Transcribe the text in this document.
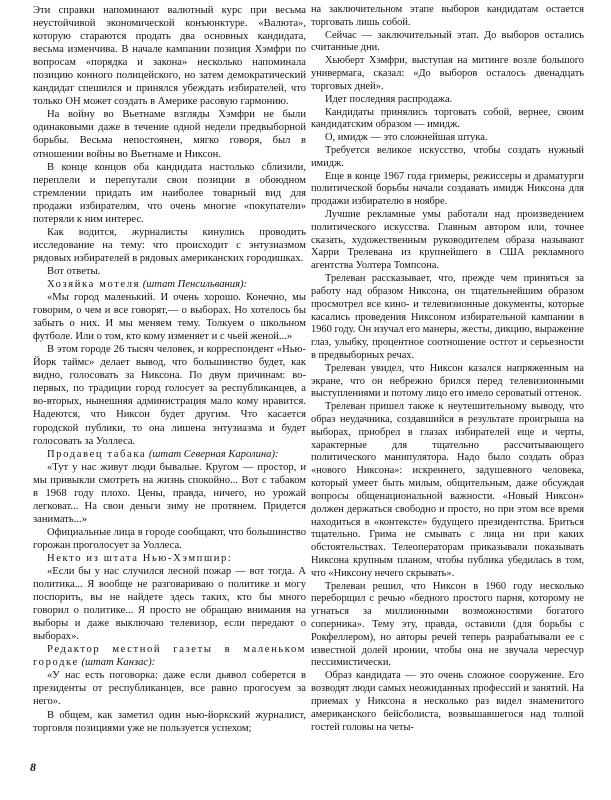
Эти справки напоминают валютный курс при весьма неустойчивой экономической конъюнктуре. «Валюта», которую стараются продать два основных кандидата, весьма изменчива. В начале кампании позиция Хэмфри по вопросам «порядка и закона» несколько напоминала позицию конного полицейского, но затем демократический кандидат спешился и принялся убеждать избирателей, что только ОН может создать в Америке расовую гармонию.

На войну во Вьетнаме взгляды Хэмфри не были одинаковыми даже в течение одной недели предвыборной борьбы. Весьма непостоянен, мягко говоря, был в отношении войны во Вьетнаме и Никсон.

В конце концов оба кандидата настолько сблизили, переплели и перепутали свои позиции в обоюдном стремлении придать им наиболее товарный вид для продажи избирателям, что очень многие «покупатели» потеряли к ним интерес.

Как водится, журналисты кинулись проводить исследование на тему: что происходит с энтузиазмом рядовых избирателей в рядовых американских городишках.

Вот ответы.

Хозяйка мотеля (штат Пенсильвания):

«Мы город маленький. И очень хорошо. Конечно, мы говорим, о чем и все говорят,— о выборах. Но хотелось бы забыть о них. И мы меняем тему. Толкуем о школьном футболе. Или о том, кто кому изменяет и с чьей женой...»

В этом городе 26 тысяч человек, и корреспондент «Нью-Йорк таймс» делает вывод, что большинство будет, как видно, голосовать за Никсона. По двум причинам: во-первых, по традиции город голосует за республиканцев, а во-вторых, нынешняя администрация мало кому нравится. Надеются, что Никсон будет другим. Что касается городской публики, то она лишена энтузиазма и будет голосовать за Уоллеса.

Продавец табака (штат Северная Каролина):

«Тут у нас живут люди бывалые. Кругом — простор, и мы привыкли смотреть на жизнь спокойно... Вот с табаком в 1968 году плохо. Цены, правда, ничего, но урожай легковат... На свои деньги зиму не протянем. Придется занимать...»

Официальные лица в городе сообщают, что большинство горожан проголосует за Уоллеса.

Некто из штата Нью-Хэмпшир:

«Если бы у нас случился лесной пожар — вот тогда. А политика... Я вообще не разговариваю о политике и могу поспорить, вы не найдете здесь таких, кто бы много говорил о политике... Я просто не обращаю внимания на выборы и даже выключаю телевизор, если передают о выборах».

Редактор местной газеты в маленьком городке (штат Канзас):

«У нас есть поговорка: даже если дьявол соберется в президенты от республиканцев, все равно прогосуем за него».

В общем, как заметил один нью-йоркский журналист, торговля позициями уже не пользуется успехом;

на заключительном этапе выборов кандидатам остается торговать лишь собой.

Сейчас — заключительный этап. До выборов остались считанные дни.

Хьюберт Хэмфри, выступая на митинге возле большого универмага, сказал: «До выборов осталось двенадцать торговых дней».

Идет последняя распродажа.

Кандидаты принялись торговать собой, вернее, своим кандидатским образом — имидж.

О, имидж — это сложнейшая штука.

Требуется великое искусство, чтобы создать нужный имидж.

Еще в конце 1967 года гримеры, режиссеры и драматурги политической борьбы начали создавать имидж Никсона для продажи избирателю в ноябре.

Лучшие рекламные умы работали над произведением политического искусства. Главным автором или, точнее сказать, художественным руководителем образа называют Харри Трелевана из крупнейшего в США рекламного агентства Уолтера Томпсона.

Трелеван рассказывает, что, прежде чем приняться за работу над образом Никсона, он тщательнейшим образом просмотрел все кино- и телевизионные документы, которые касались проведения Никсоном избирательной кампании в 1960 году. Он изучал его манеры, жесты, дикцию, выражение глаз, улыбку, процентное соотношение остгот и серьезности в предвыборных речах.

Трелеван увидел, что Никсон казался напряженным на экране, что он небрежно брился перед телевизионными выступлениями и потому лицо его имело сероватый оттенок.

Трелеван пришел также к неутешительному выводу, что образ неудачника, создавшийся в результате проигрыша на выборах, приобрел в глазах избирателей еще и черты, характерные для тщательно рассчитывающего политического манипулятора. Надо было создать образ «нового Никсона»: искреннего, задушевного человека, который умеет быть милым, общительным, даже обсуждая вопросы общенациональной важности. «Новый Никсон» должен держаться свободно и просто, но при этом все время находиться в «контексте» будущего президентства. Бриться тщательно. Грима не смывать с лица ни при каких обстоятельствах. Телеоператорам приказывали показывать Никсона крупным планом, чтобы публика убедилась в том, что «Никсону нечего скрывать».

Трелеван решил, что Никсон в 1960 году несколько переборщил с речью «бедного простого парня, которому не угнаться за миллионными возможностями богатого соперника». Тему эту, правда, оставили (для борьбы с Рокфеллером), но авторы речей теперь разрабатывали ее с известной долей иронии, чтобы она не звучала чересчур пессимистически.

Образ кандидата — это очень сложное сооружение. Его возводят люди самых неожиданных профессий и занятий. На приемах у Никсона я несколько раз видел знаменитого американского бейсболиста, возвышавшегося над толпой гостей головы на четы-

8
